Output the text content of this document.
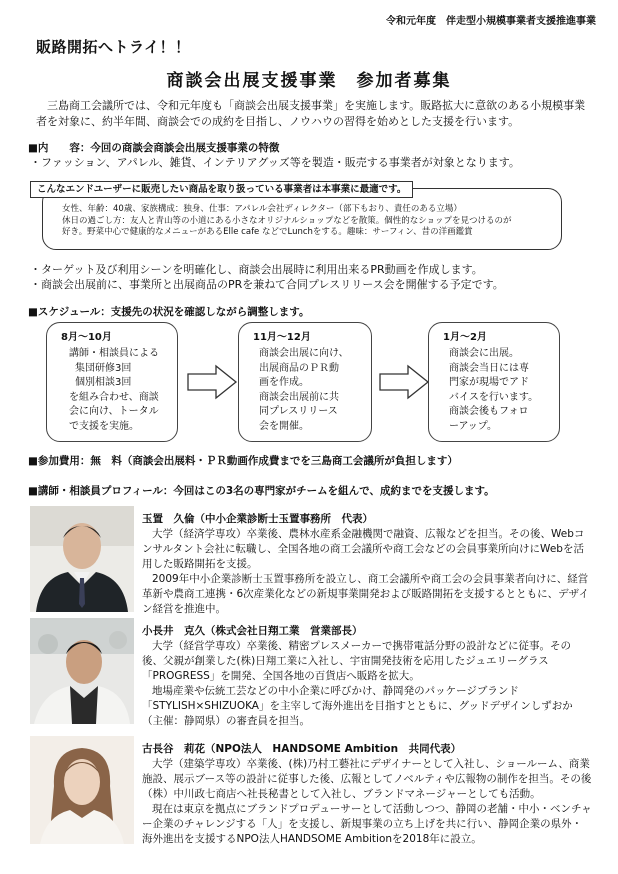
令和元年度　伴走型小規模事業者支援推進事業
販路開拓へトライ！！
商談会出展支援事業　参加者募集
三島商工会議所では、令和元年度も「商談会出展支援事業」を実施します。販路拡大に意欲のある小規模事業者を対象に、約半年間、商談会での成約を目指し、ノウハウの習得を始めとした支援を行います。
■内　　容：今回の商談会商談会出展支援事業の特徴
・ファッション、アパレル、雑貨、インテリアグッズ等を製造・販売する事業者が対象となります。
こんなエンドユーザーに販売したい商品を取り扱っている事業者は本事業に最適です。
女性、年齢：40歳、家族構成：独身、仕事：アパレル会社ディレクター（部下もおり、責任のある立場）
休日の過ごし方：友人と青山等の小道にある小さなオリジナルショップなどを散策。個性的なショップを見つけるのが
好き。野菜中心で健康的なメニューがあるElle cafe などでLunchをする。趣味：サーフィン、昔の洋画鑑賞
・ターゲット及び利用シーンを明確化し、商談会出展時に利用出来るPR動画を作成します。
・商談会出展前に、事業所と出展商品のPRを兼ねて合同プレスリリース会を開催する予定です。
■スケジュール：支援先の状況を確認しながら調整します。
8月～10月
講師・相談員による
集団研修3回
個別相談3回
を組み合わせ、商談
会に向け、トータル
で支援を実施。
11月～12月
商談会出展に向け、
出展商品のＰＲ動
画を作成。
商談会出展前に共
同プレスリリース
会を開催。
1月～2月
商談会に出展。
商談会当日には専
門家が現場でアド
バイスを行います。
商談会後もフォロ
ーアップ。
■参加費用：無　料（商談会出展料・ＰＲ動画作成費までを三島商工会議所が負担します）
■講師・相談員プロフィール：今回はこの3名の専門家がチームを組んで、成約までを支援します。
玉置　久倫（中小企業診断士玉置事務所　代表）
大学（経済学専攻）卒業後、農林水産系金融機関で融資、広報などを担当。その後、Webコンサルタント会社に転職し、全国各地の商工会議所や商工会などの会員事業所向けにWebを活用した販路開拓を支援。
2009年中小企業診断士玉置事務所を設立し、商工会議所や商工会の会員事業者向けに、経営革新や農商工連携・6次産業化などの新規事業開発および販路開拓を支援するとともに、デザイン経営を推進中。
小長井　克久（株式会社日翔工業　営業部長）
大学（経営学専攻）卒業後、精密プレスメーカーで携帯電話分野の設計などに従事。その後、父親が創業した(株)日翔工業に入社し、宇宙開発技術を応用したジュエリーグラス「PROGRESS」を開発、全国各地の百貨店へ販路を拡大。
地場産業や伝統工芸などの中小企業に呼びかけ、静岡発のパッケージブランド「STYLISH×SHIZUOKA」を主宰して海外進出を目指すとともに、グッドデザインしずおか（主催：静岡県）の審査員を担当。
古長谷　莉花（NPO法人　HANDSOME Ambition　共同代表）
大学（建築学専攻）卒業後、(株)乃村工藝社にデザイナーとして入社し、ショールーム、商業施設、展示ブース等の設計に従事した後、広報としてノベルティや広報物の制作を担当。その後（株）中川政七商店へ社長秘書として入社し、ブランドマネージャーとしても活動。
現在は東京を拠点にブランドプロデューサーとして活動しつつ、静岡の老舗・中小・ベンチャー企業のチャレンジする「人」を支援し、新規事業の立ち上げを共に行い、静岡企業の県外・海外進出を支援するNPO法人HANDSOME Ambitionを2018年に設立。
